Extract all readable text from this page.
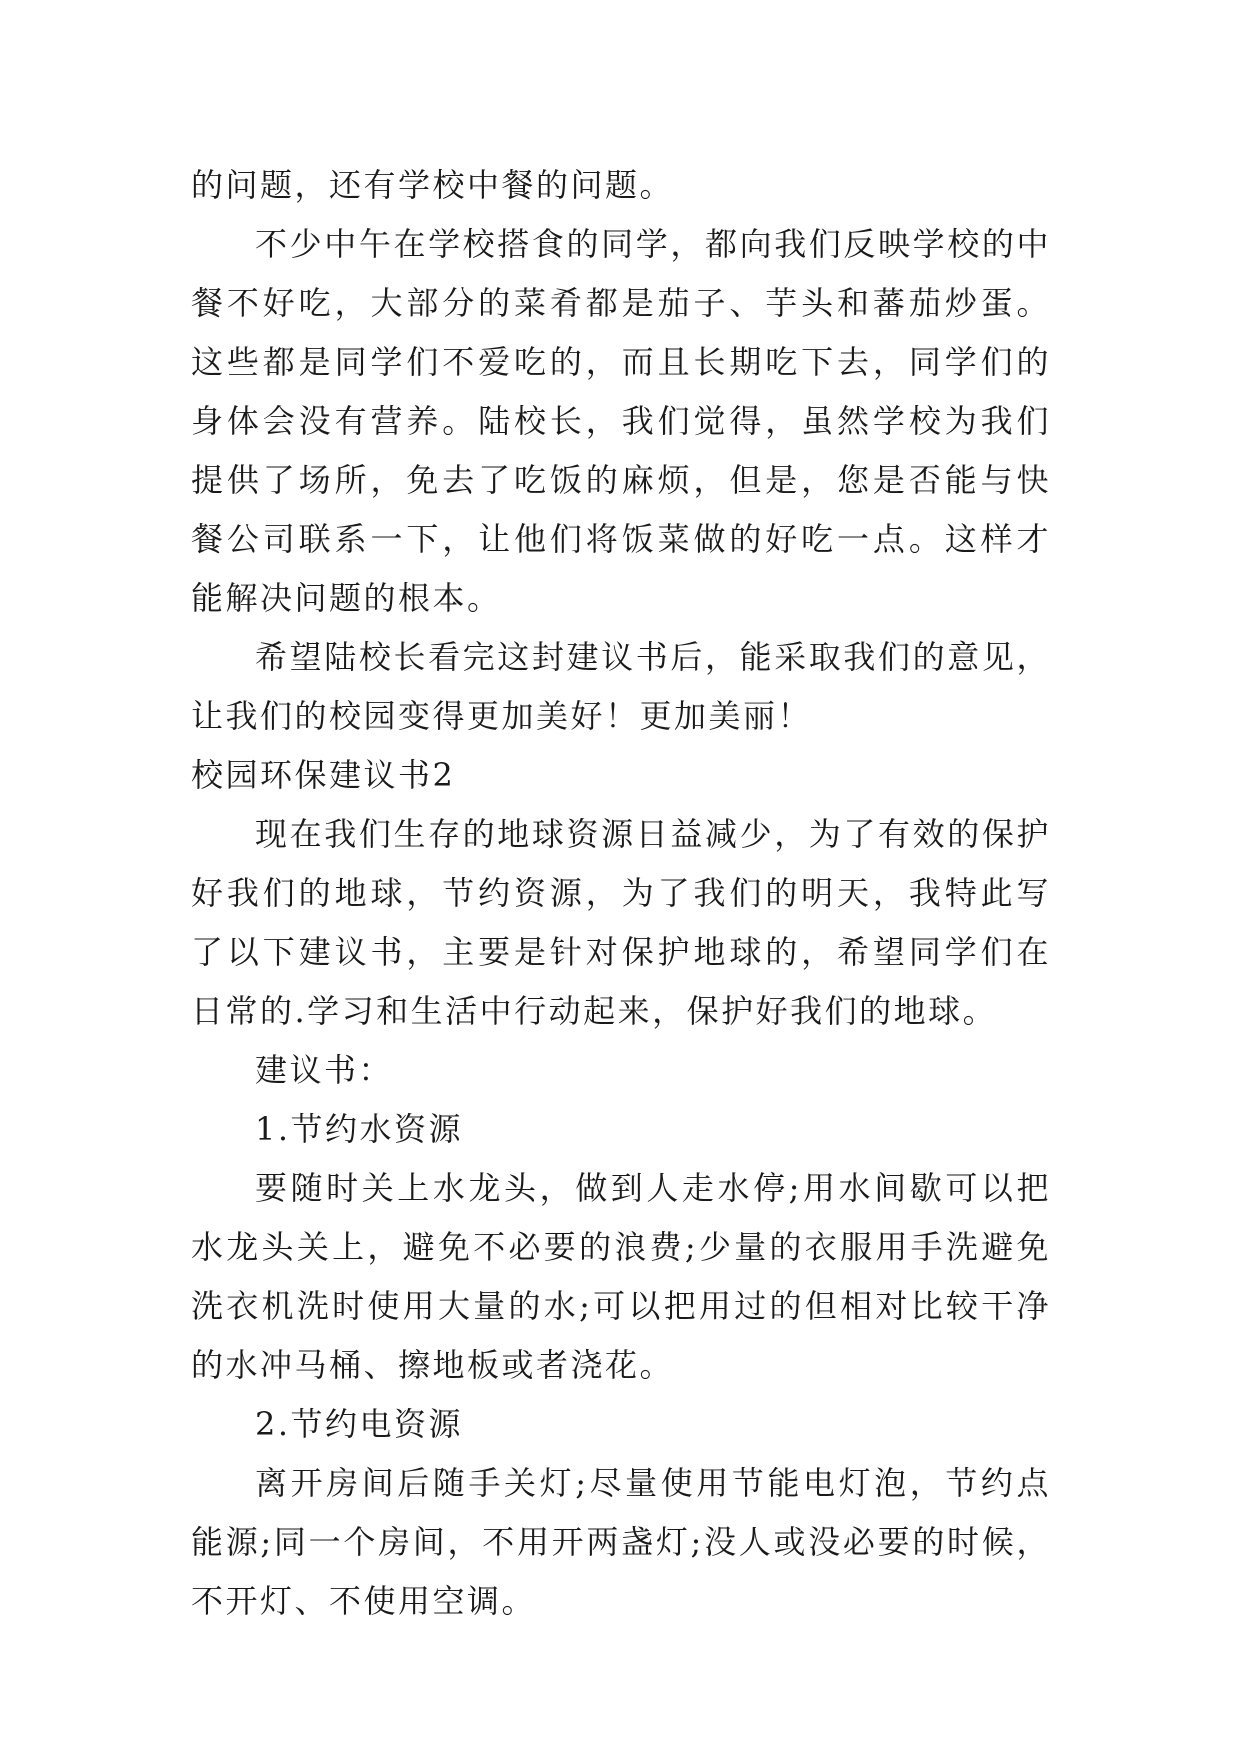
的问题，还有学校中餐的问题。

不少中午在学校搭食的同学，都向我们反映学校的中餐不好吃，大部分的菜肴都是茄子、芋头和蕃茄炒蛋。这些都是同学们不爱吃的，而且长期吃下去，同学们的身体会没有营养。陆校长，我们觉得，虽然学校为我们提供了场所，免去了吃饭的麻烦，但是，您是否能与快餐公司联系一下，让他们将饭菜做的好吃一点。这样才能解决问题的根本。

希望陆校长看完这封建议书后，能采取我们的意见，让我们的校园变得更加美好！更加美丽！

校园环保建议书2

现在我们生存的地球资源日益减少，为了有效的保护好我们的地球，节约资源，为了我们的明天，我特此写了以下建议书，主要是针对保护地球的，希望同学们在日常的.学习和生活中行动起来，保护好我们的地球。

建议书：

1.节约水资源

要随时关上水龙头，做到人走水停;用水间歇可以把水龙头关上，避免不必要的浪费;少量的衣服用手洗避免洗衣机洗时使用大量的水;可以把用过的但相对比较干净的水冲马桶、擦地板或者浇花。

2.节约电资源

离开房间后随手关灯;尽量使用节能电灯泡，节约点能源;同一个房间，不用开两盏灯;没人或没必要的时候，不开灯、不使用空调。
